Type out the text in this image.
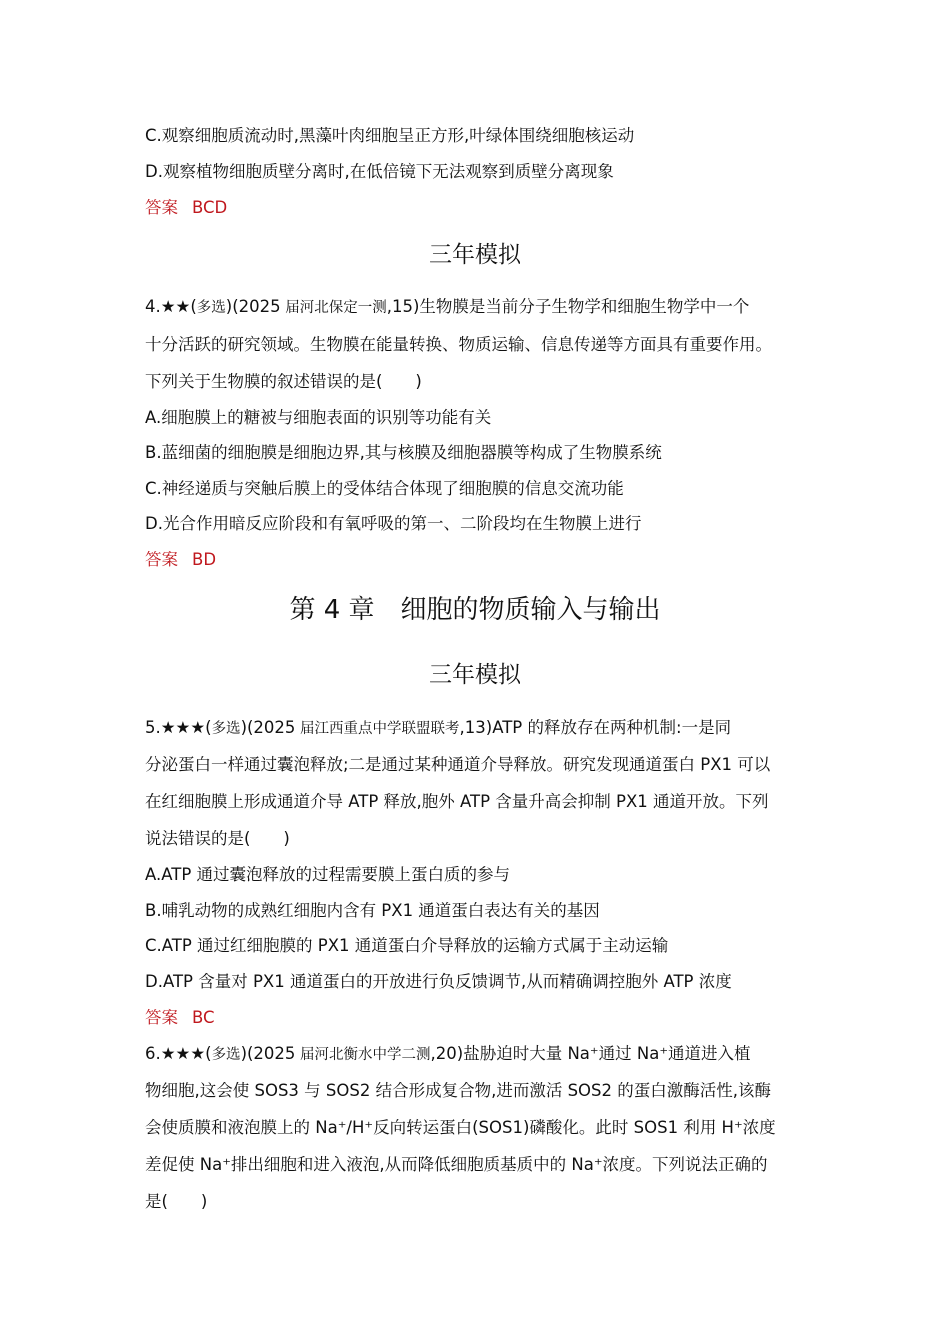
C.观察细胞质流动时,黑藻叶肉细胞呈正方形,叶绿体围绕细胞核运动
D.观察植物细胞质壁分离时,在低倍镜下无法观察到质壁分离现象
答案 BCD
三年模拟
4.★★(多选)(2025 届河北保定一测,15)生物膜是当前分子生物学和细胞生物学中一个
十分活跃的研究领域。生物膜在能量转换、物质运输、信息传递等方面具有重要作用。
下列关于生物膜的叙述错误的是(　　)
A.细胞膜上的糖被与细胞表面的识别等功能有关
B.蓝细菌的细胞膜是细胞边界,其与核膜及细胞器膜等构成了生物膜系统
C.神经递质与突触后膜上的受体结合体现了细胞膜的信息交流功能
D.光合作用暗反应阶段和有氧呼吸的第一、二阶段均在生物膜上进行
答案 BD
第 4 章　细胞的物质输入与输出
三年模拟
5.★★★(多选)(2025 届江西重点中学联盟联考,13)ATP 的释放存在两种机制:一是同
分泌蛋白一样通过囊泡释放;二是通过某种通道介导释放。研究发现通道蛋白 PX1 可以
在红细胞膜上形成通道介导 ATP 释放,胞外 ATP 含量升高会抑制 PX1 通道开放。下列
说法错误的是(　　)
A.ATP 通过囊泡释放的过程需要膜上蛋白质的参与
B.哺乳动物的成熟红细胞内含有 PX1 通道蛋白表达有关的基因
C.ATP 通过红细胞膜的 PX1 通道蛋白介导释放的运输方式属于主动运输
D.ATP 含量对 PX1 通道蛋白的开放进行负反馈调节,从而精确调控胞外 ATP 浓度
答案 BC
6.★★★(多选)(2025 届河北衡水中学二测,20)盐胁迫时大量 Na⁺通过 Na⁺通道进入植
物细胞,这会使 SOS3 与 SOS2 结合形成复合物,进而激活 SOS2 的蛋白激酶活性,该酶
会使质膜和液泡膜上的 Na⁺/H⁺反向转运蛋白(SOS1)磷酸化。此时 SOS1 利用 H⁺浓度
差促使 Na⁺排出细胞和进入液泡,从而降低细胞质基质中的 Na⁺浓度。下列说法正确的
是(　　)
